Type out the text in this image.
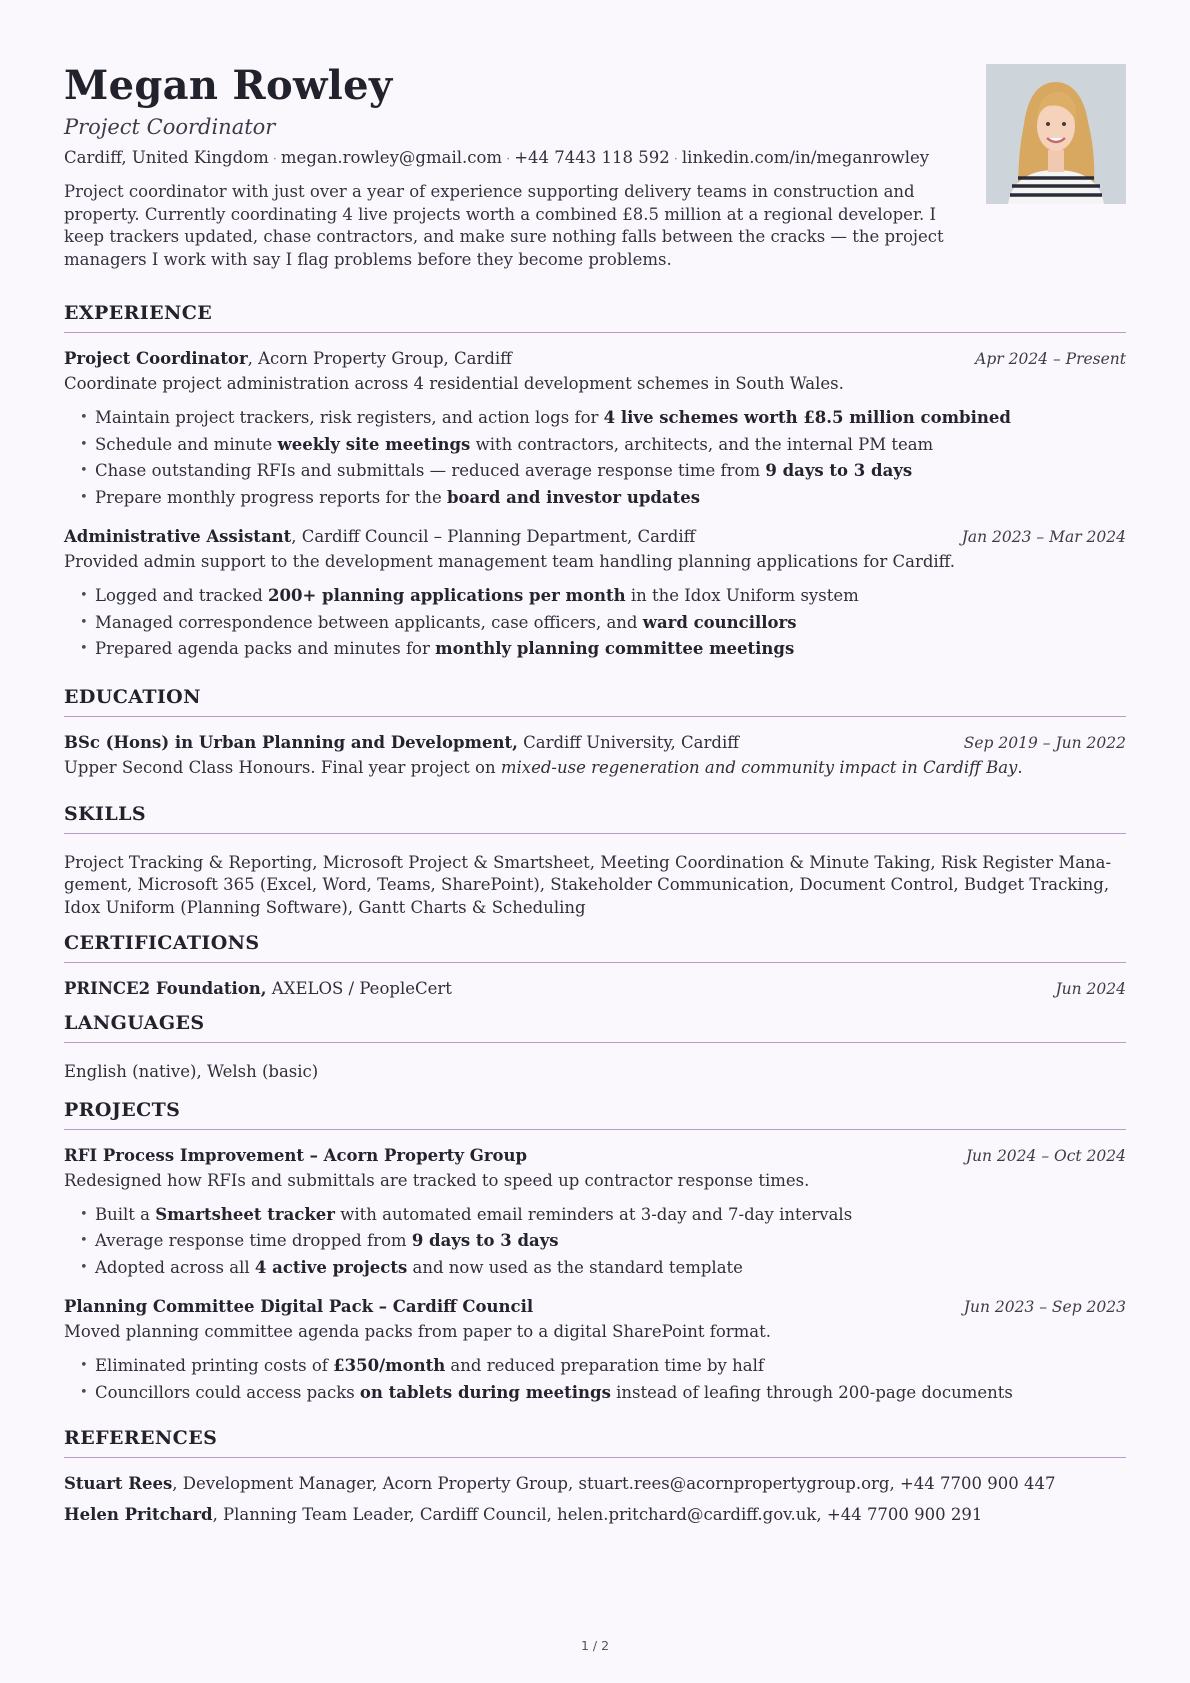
Megan Rowley
Project Coordinator
Cardiff, United Kingdom · megan.rowley@gmail.com · +44 7443 118 592 · linkedin.com/in/meganrowley

Project coordinator with just over a year of experience supporting delivery teams in construction and property. Currently coordinating 4 live projects worth a combined £8.5 million at a regional developer. I keep trackers updated, chase contractors, and make sure nothing falls between the cracks — the project managers I work with say I flag problems before they become problems.

EXPERIENCE
Project Coordinator, Acorn Property Group, Cardiff	Apr 2024 – Present
Coordinate project administration across 4 residential development schemes in South Wales.
• Maintain project trackers, risk registers, and action logs for 4 live schemes worth £8.5 million combined
• Schedule and minute weekly site meetings with contractors, architects, and the internal PM team
• Chase outstanding RFIs and submittals — reduced average response time from 9 days to 3 days
• Prepare monthly progress reports for the board and investor updates
Administrative Assistant, Cardiff Council – Planning Department, Cardiff	Jan 2023 – Mar 2024
Provided admin support to the development management team handling planning applications for Cardiff.
• Logged and tracked 200+ planning applications per month in the Idox Uniform system
• Managed correspondence between applicants, case officers, and ward councillors
• Prepared agenda packs and minutes for monthly planning committee meetings
EDUCATION
BSc (Hons) in Urban Planning and Development, Cardiff University, Cardiff	Sep 2019 – Jun 2022
Upper Second Class Honours. Final year project on mixed-use regeneration and community impact in Cardiff Bay.
SKILLS
Project Tracking & Reporting, Microsoft Project & Smartsheet, Meeting Coordination & Minute Taking, Risk Register Mana-
gement, Microsoft 365 (Excel, Word, Teams, SharePoint), Stakeholder Communication, Document Control, Budget Tracking,
Idox Uniform (Planning Software), Gantt Charts & Scheduling
CERTIFICATIONS
PRINCE2 Foundation, AXELOS / PeopleCert	Jun 2024
LANGUAGES
English (native), Welsh (basic)
PROJECTS
RFI Process Improvement – Acorn Property Group	Jun 2024 – Oct 2024
Redesigned how RFIs and submittals are tracked to speed up contractor response times.
• Built a Smartsheet tracker with automated email reminders at 3-day and 7-day intervals
• Average response time dropped from 9 days to 3 days
• Adopted across all 4 active projects and now used as the standard template
Planning Committee Digital Pack – Cardiff Council	Jun 2023 – Sep 2023
Moved planning committee agenda packs from paper to a digital SharePoint format.
• Eliminated printing costs of £350/month and reduced preparation time by half
• Councillors could access packs on tablets during meetings instead of leafing through 200-page documents
REFERENCES
Stuart Rees, Development Manager, Acorn Property Group, stuart.rees@acornpropertygroup.org, +44 7700 900 447
Helen Pritchard, Planning Team Leader, Cardiff Council, helen.pritchard@cardiff.gov.uk, +44 7700 900 291
1 / 2
